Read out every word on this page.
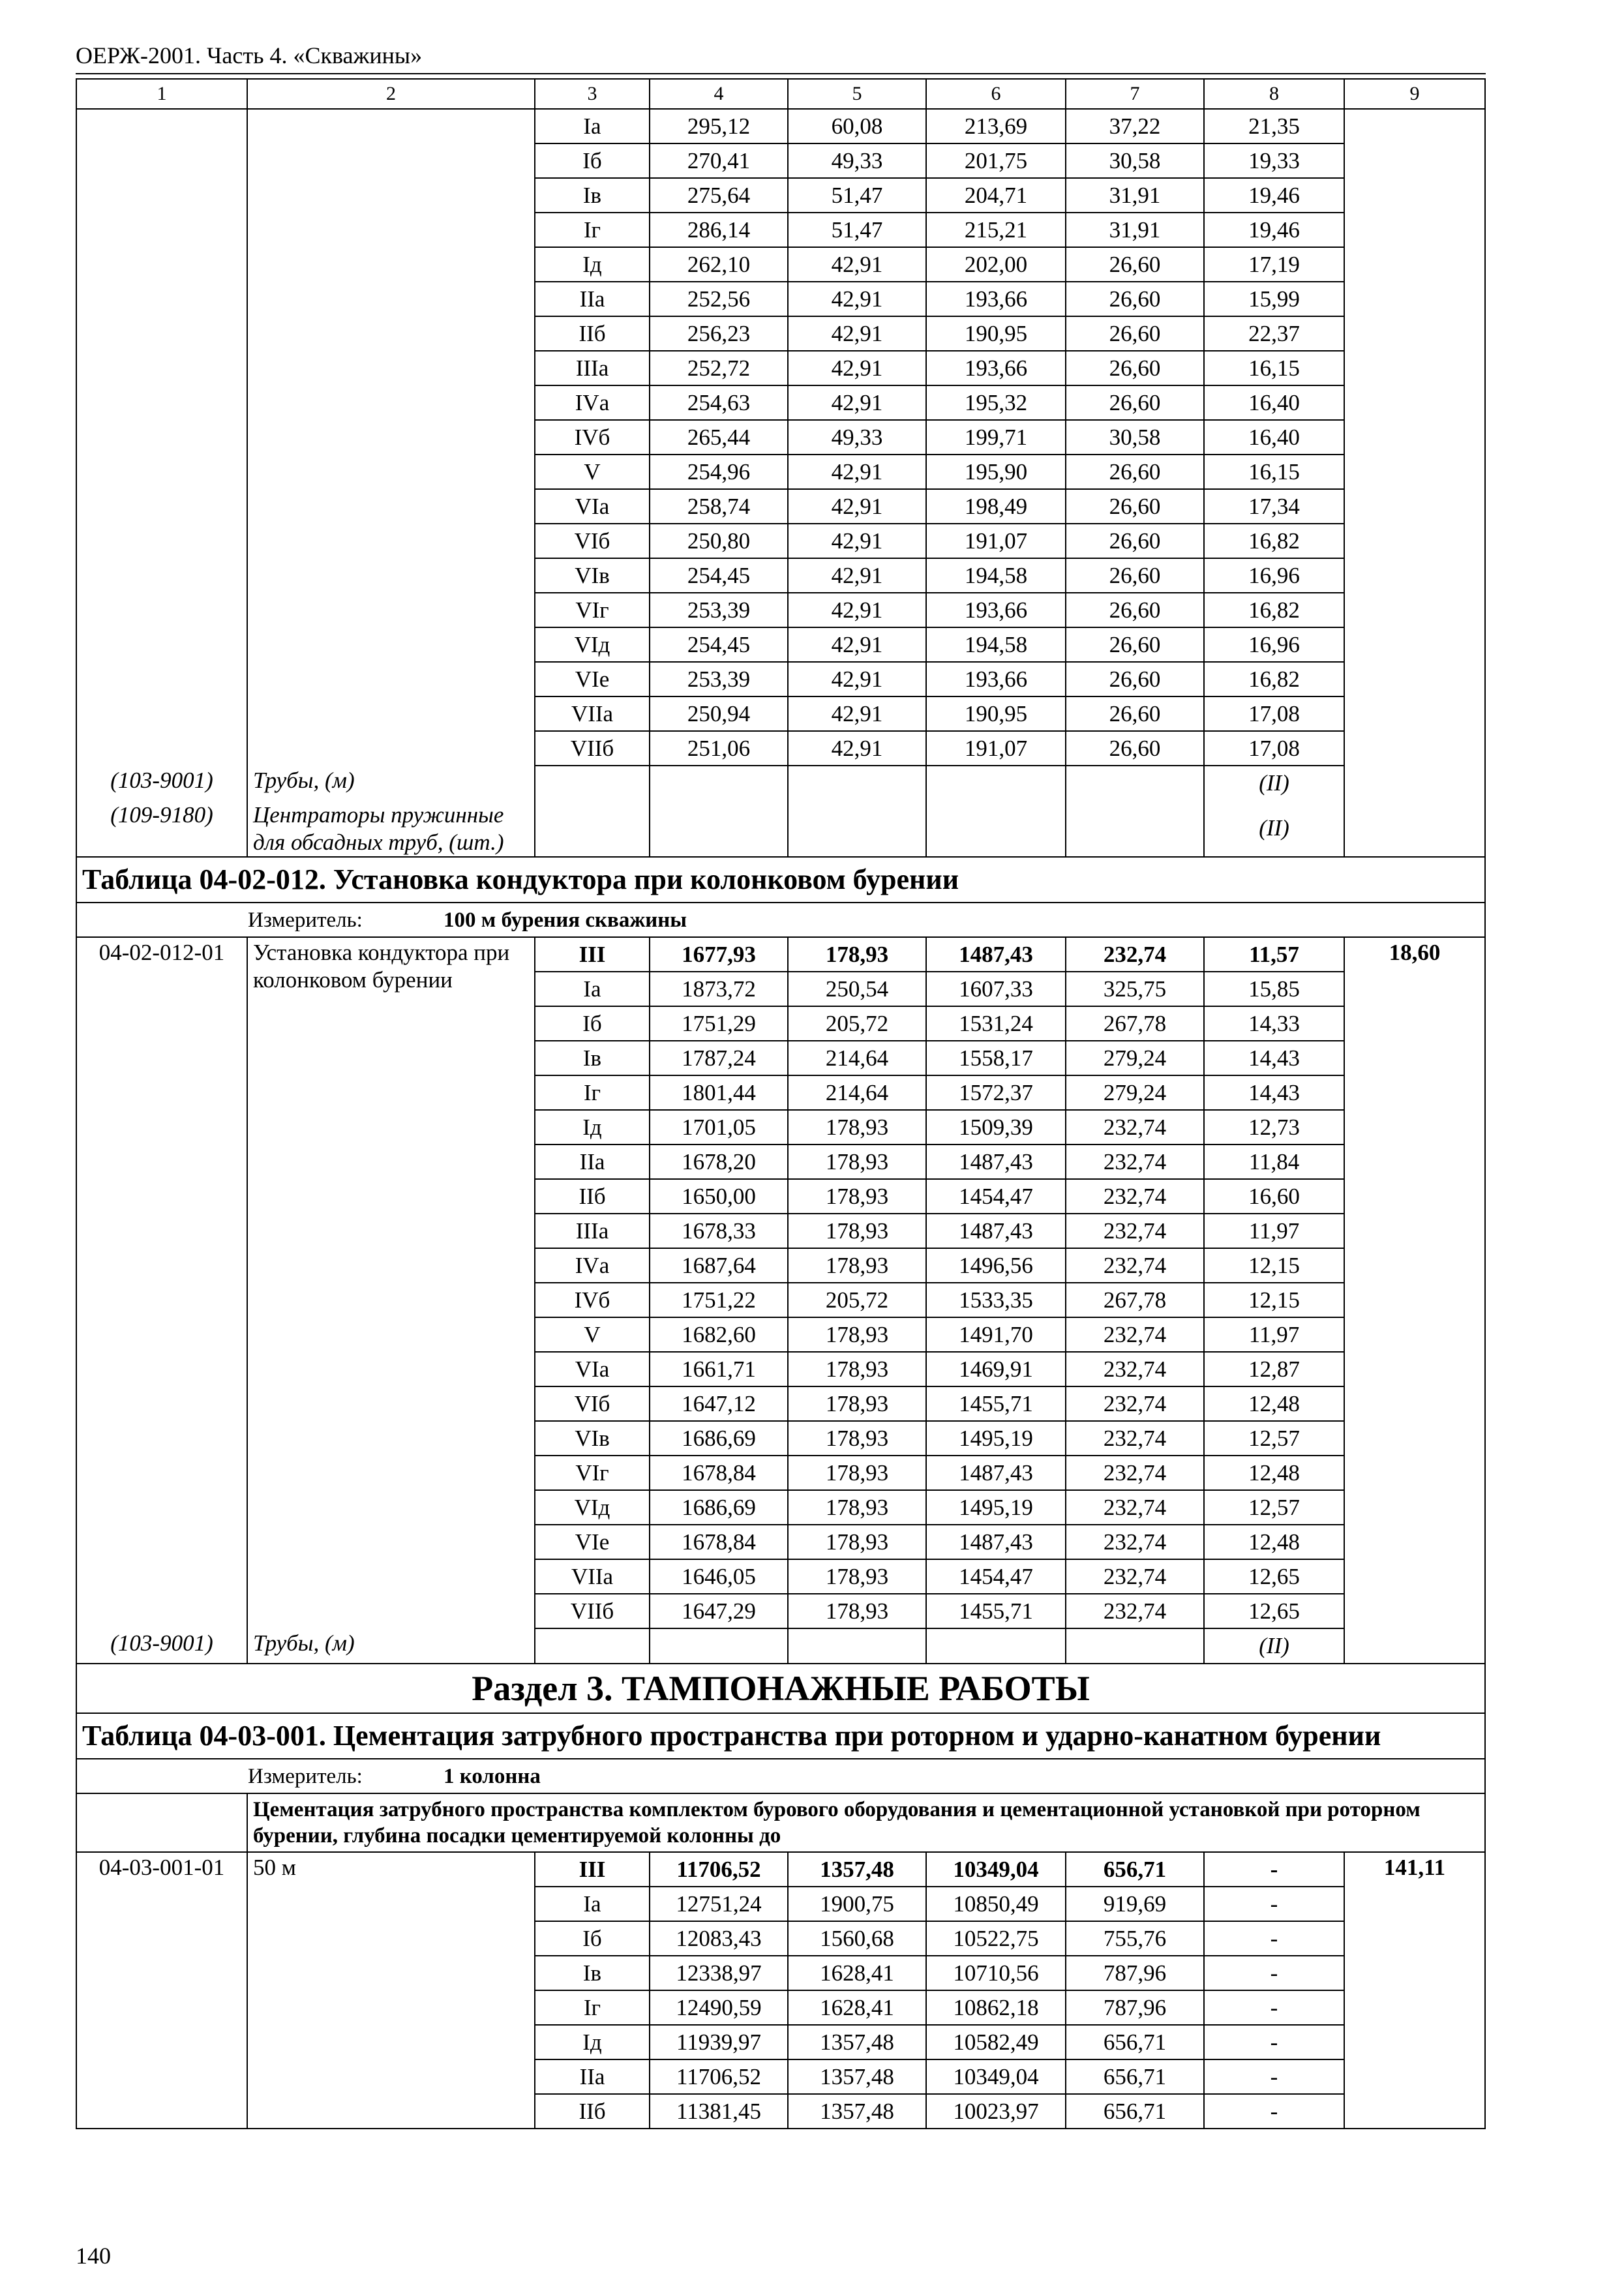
ОЕРЖ-2001. Часть 4. «Скважины»
1	2	3	4	5	6	7	8	9
		Iа	295,12	60,08	213,69	37,22	21,35	
		Iб	270,41	49,33	201,75	30,58	19,33	
		Iв	275,64	51,47	204,71	31,91	19,46	
		Iг	286,14	51,47	215,21	31,91	19,46	
		Iд	262,10	42,91	202,00	26,60	17,19	
		IIа	252,56	42,91	193,66	26,60	15,99	
		IIб	256,23	42,91	190,95	26,60	22,37	
		IIIа	252,72	42,91	193,66	26,60	16,15	
		IVа	254,63	42,91	195,32	26,60	16,40	
		IVб	265,44	49,33	199,71	30,58	16,40	
		V	254,96	42,91	195,90	26,60	16,15	
		VIа	258,74	42,91	198,49	26,60	17,34	
		VIб	250,80	42,91	191,07	26,60	16,82	
		VIв	254,45	42,91	194,58	26,60	16,96	
		VIг	253,39	42,91	193,66	26,60	16,82	
		VIд	254,45	42,91	194,58	26,60	16,96	
		VIе	253,39	42,91	193,66	26,60	16,82	
		VIIа	250,94	42,91	190,95	26,60	17,08	
		VIIб	251,06	42,91	191,07	26,60	17,08	
(103-9001)	Трубы, (м)						(II)	
(109-9180)	Центраторы пружинные для обсадных труб, (шт.)						(II)	
Таблица 04-02-012. Установка кондуктора при колонковом бурении								
Измеритель: 100 м бурения скважины								
04-02-012-01	Установка кондуктора при колонковом бурении	III	1677,93	178,93	1487,43	232,74	11,57	18,60
		Iа	1873,72	250,54	1607,33	325,75	15,85	
		Iб	1751,29	205,72	1531,24	267,78	14,33	
		Iв	1787,24	214,64	1558,17	279,24	14,43	
		Iг	1801,44	214,64	1572,37	279,24	14,43	
		Iд	1701,05	178,93	1509,39	232,74	12,73	
		IIа	1678,20	178,93	1487,43	232,74	11,84	
		IIб	1650,00	178,93	1454,47	232,74	16,60	
		IIIа	1678,33	178,93	1487,43	232,74	11,97	
		IVа	1687,64	178,93	1496,56	232,74	12,15	
		IVб	1751,22	205,72	1533,35	267,78	12,15	
		V	1682,60	178,93	1491,70	232,74	11,97	
		VIа	1661,71	178,93	1469,91	232,74	12,87	
		VIб	1647,12	178,93	1455,71	232,74	12,48	
		VIв	1686,69	178,93	1495,19	232,74	12,57	
		VIг	1678,84	178,93	1487,43	232,74	12,48	
		VIд	1686,69	178,93	1495,19	232,74	12,57	
		VIе	1678,84	178,93	1487,43	232,74	12,48	
		VIIа	1646,05	178,93	1454,47	232,74	12,65	
		VIIб	1647,29	178,93	1455,71	232,74	12,65	
(103-9001)	Трубы, (м)						(II)	
Раздел 3. ТАМПОНАЖНЫЕ РАБОТЫ								
Таблица 04-03-001. Цементация затрубного пространства при роторном и ударно-канатном бурении								
Измеритель: 1 колонна								
	Цементация затрубного пространства комплектом бурового оборудования и цементационной установкой при роторном бурении, глубина посадки цементируемой колонны до							
04-03-001-01	50 м	III	11706,52	1357,48	10349,04	656,71	-	141,11
		Iа	12751,24	1900,75	10850,49	919,69	-	
		Iб	12083,43	1560,68	10522,75	755,76	-	
		Iв	12338,97	1628,41	10710,56	787,96	-	
		Iг	12490,59	1628,41	10862,18	787,96	-	
		Iд	11939,97	1357,48	10582,49	656,71	-	
		IIа	11706,52	1357,48	10349,04	656,71	-	
		IIб	11381,45	1357,48	10023,97	656,71	-	
140
